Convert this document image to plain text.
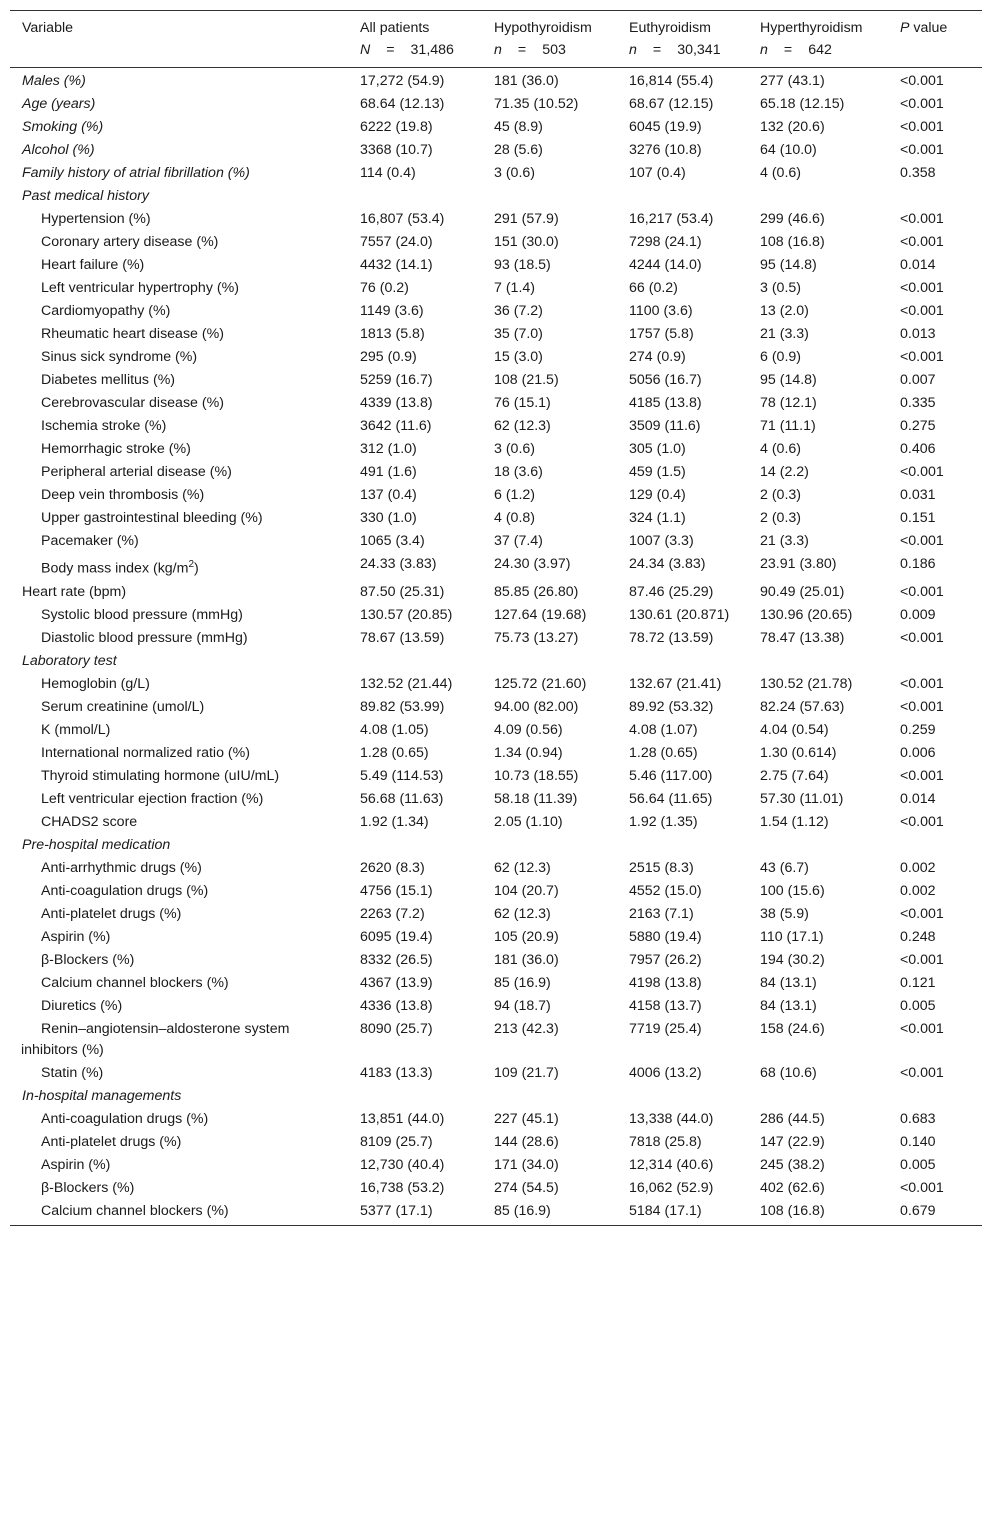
Variable	All patients	Hypothyroidism	Euthyroidism	Hyperthyroidism	P value
	N = 31,486	n = 503	n = 30,341	n = 642	
Males (%)	17,272 (54.9)	181 (36.0)	16,814 (55.4)	277 (43.1)	<0.001
Age (years)	68.64 (12.13)	71.35 (10.52)	68.67 (12.15)	65.18 (12.15)	<0.001
Smoking (%)	6222 (19.8)	45 (8.9)	6045 (19.9)	132 (20.6)	<0.001
Alcohol (%)	3368 (10.7)	28 (5.6)	3276 (10.8)	64 (10.0)	<0.001
Family history of atrial fibrillation (%)	114 (0.4)	3 (0.6)	107 (0.4)	4 (0.6)	0.358
Past medical history					
Hypertension (%)	16,807 (53.4)	291 (57.9)	16,217 (53.4)	299 (46.6)	<0.001
Coronary artery disease (%)	7557 (24.0)	151 (30.0)	7298 (24.1)	108 (16.8)	<0.001
Heart failure (%)	4432 (14.1)	93 (18.5)	4244 (14.0)	95 (14.8)	0.014
Left ventricular hypertrophy (%)	76 (0.2)	7 (1.4)	66 (0.2)	3 (0.5)	<0.001
Cardiomyopathy (%)	1149 (3.6)	36 (7.2)	1100 (3.6)	13 (2.0)	<0.001
Rheumatic heart disease (%)	1813 (5.8)	35 (7.0)	1757 (5.8)	21 (3.3)	0.013
Sinus sick syndrome (%)	295 (0.9)	15 (3.0)	274 (0.9)	6 (0.9)	<0.001
Diabetes mellitus (%)	5259 (16.7)	108 (21.5)	5056 (16.7)	95 (14.8)	0.007
Cerebrovascular disease (%)	4339 (13.8)	76 (15.1)	4185 (13.8)	78 (12.1)	0.335
Ischemia stroke (%)	3642 (11.6)	62 (12.3)	3509 (11.6)	71 (11.1)	0.275
Hemorrhagic stroke (%)	312 (1.0)	3 (0.6)	305 (1.0)	4 (0.6)	0.406
Peripheral arterial disease (%)	491 (1.6)	18 (3.6)	459 (1.5)	14 (2.2)	<0.001
Deep vein thrombosis (%)	137 (0.4)	6 (1.2)	129 (0.4)	2 (0.3)	0.031
Upper gastrointestinal bleeding (%)	330 (1.0)	4 (0.8)	324 (1.1)	2 (0.3)	0.151
Pacemaker (%)	1065 (3.4)	37 (7.4)	1007 (3.3)	21 (3.3)	<0.001
Body mass index $(kg/m^2)$	24.33 (3.83)	24.30 (3.97)	24.34 (3.83)	23.91 (3.80)	0.186
Heart rate (bpm)	87.50 (25.31)	85.85 (26.80)	87.46 (25.29)	90.49 (25.01)	<0.001
Systolic blood pressure (mmHg)	130.57 (20.85)	127.64 (19.68)	130.61 (20.871)	130.96 (20.65)	0.009
Diastolic blood pressure (mmHg)	78.67 (13.59)	75.73 (13.27)	78.72 (13.59)	78.47 (13.38)	<0.001
Laboratory test					
Hemoglobin (g/L)	132.52 (21.44)	125.72 (21.60)	132.67 (21.41)	130.52 (21.78)	<0.001
Serum creatinine (umol/L)	89.82 (53.99)	94.00 (82.00)	89.92 (53.32)	82.24 (57.63)	<0.001
K (mmol/L)	4.08 (1.05)	4.09 (0.56)	4.08 (1.07)	4.04 (0.54)	0.259
International normalized ratio (%)	1.28 (0.65)	1.34 (0.94)	1.28 (0.65)	1.30 (0.614)	0.006
Thyroid stimulating hormone (uIU/mL)	5.49 (114.53)	10.73 (18.55)	5.46 (117.00)	2.75 (7.64)	<0.001
Left ventricular ejection fraction (%)	56.68 (11.63)	58.18 (11.39)	56.64 (11.65)	57.30 (11.01)	0.014
CHADS2 score	1.92 (1.34)	2.05 (1.10)	1.92 (1.35)	1.54 (1.12)	<0.001
Pre-hospital medication					
Anti-arrhythmic drugs (%)	2620 (8.3)	62 (12.3)	2515 (8.3)	43 (6.7)	0.002
Anti-coagulation drugs (%)	4756 (15.1)	104 (20.7)	4552 (15.0)	100 (15.6)	0.002
Anti-platelet drugs (%)	2263 (7.2)	62 (12.3)	2163 (7.1)	38 (5.9)	<0.001
Aspirin (%)	6095 (19.4)	105 (20.9)	5880 (19.4)	110 (17.1)	0.248
β-Blockers (%)	8332 (26.5)	181 (36.0)	7957 (26.2)	194 (30.2)	<0.001
Calcium channel blockers (%)	4367 (13.9)	85 (16.9)	4198 (13.8)	84 (13.1)	0.121
Diuretics (%)	4336 (13.8)	94 (18.7)	4158 (13.7)	84 (13.1)	0.005
Renin–angiotensin–aldosterone system inhibitors (%)	8090 (25.7)	213 (42.3)	7719 (25.4)	158 (24.6)	<0.001
Statin (%)	4183 (13.3)	109 (21.7)	4006 (13.2)	68 (10.6)	<0.001
In-hospital managements					
Anti-coagulation drugs (%)	13,851 (44.0)	227 (45.1)	13,338 (44.0)	286 (44.5)	0.683
Anti-platelet drugs (%)	8109 (25.7)	144 (28.6)	7818 (25.8)	147 (22.9)	0.140
Aspirin (%)	12,730 (40.4)	171 (34.0)	12,314 (40.6)	245 (38.2)	0.005
β-Blockers (%)	16,738 (53.2)	274 (54.5)	16,062 (52.9)	402 (62.6)	<0.001
Calcium channel blockers (%)	5377 (17.1)	85 (16.9)	5184 (17.1)	108 (16.8)	0.679
